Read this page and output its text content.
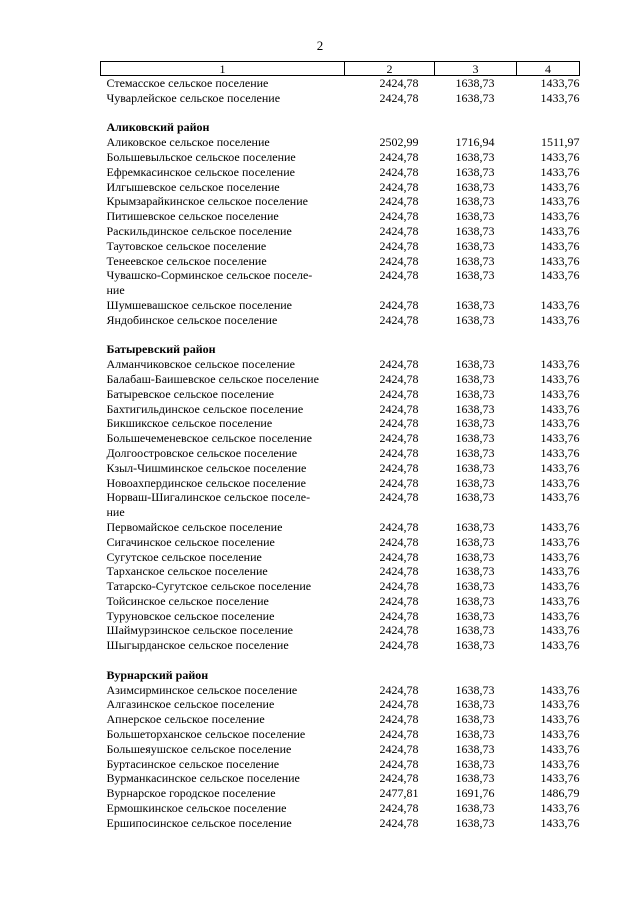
2
1	2	3	4
Стемасское сельское поселение	2424,78	1638,73	1433,76
Чуварлейское сельское поселение	2424,78	1638,73	1433,76

Аликовский район			
Аликовское сельское поселение	2502,99	1716,94	1511,97
Большевыльское сельское поселение	2424,78	1638,73	1433,76
Ефремкасинское сельское поселение	2424,78	1638,73	1433,76
Илгышевское сельское поселение	2424,78	1638,73	1433,76
Крымзарайкинское сельское поселение	2424,78	1638,73	1433,76
Питишевское сельское поселение	2424,78	1638,73	1433,76
Раскильдинское сельское поселение	2424,78	1638,73	1433,76
Таутовское сельское поселение	2424,78	1638,73	1433,76
Тенеевское сельское поселение	2424,78	1638,73	1433,76
Чувашско-Сорминское сельское поселе-
ние	2424,78	1638,73	1433,76
Шумшевашское сельское поселение	2424,78	1638,73	1433,76
Яндобинское сельское поселение	2424,78	1638,73	1433,76

Батыревский район			
Алманчиковское сельское поселение	2424,78	1638,73	1433,76
Балабаш-Баишевское сельское поселение	2424,78	1638,73	1433,76
Батыревское сельское поселение	2424,78	1638,73	1433,76
Бахтигильдинское сельское поселение	2424,78	1638,73	1433,76
Бикшикское сельское поселение	2424,78	1638,73	1433,76
Большечеменевское сельское поселение	2424,78	1638,73	1433,76
Долгоостровское сельское поселение	2424,78	1638,73	1433,76
Кзыл-Чишминское сельское поселение	2424,78	1638,73	1433,76
Новоахпердинское сельское поселение	2424,78	1638,73	1433,76
Норваш-Шигалинское сельское поселе-
ние	2424,78	1638,73	1433,76
Первомайское сельское поселение	2424,78	1638,73	1433,76
Сигачинское сельское поселение	2424,78	1638,73	1433,76
Сугутское сельское поселение	2424,78	1638,73	1433,76
Тарханское сельское поселение	2424,78	1638,73	1433,76
Татарско-Сугутское сельское поселение	2424,78	1638,73	1433,76
Тойсинское сельское поселение	2424,78	1638,73	1433,76
Туруновское сельское поселение	2424,78	1638,73	1433,76
Шаймурзинское сельское поселение	2424,78	1638,73	1433,76
Шыгырданское сельское поселение	2424,78	1638,73	1433,76

Вурнарский район			
Азимсирминское сельское поселение	2424,78	1638,73	1433,76
Алгазинское сельское поселение	2424,78	1638,73	1433,76
Апнерское сельское поселение	2424,78	1638,73	1433,76
Большеторханское сельское поселение	2424,78	1638,73	1433,76
Большеяушское сельское поселение	2424,78	1638,73	1433,76
Буртасинское сельское поселение	2424,78	1638,73	1433,76
Вурманкасинское сельское поселение	2424,78	1638,73	1433,76
Вурнарское городское поселение	2477,81	1691,76	1486,79
Ермошкинское сельское поселение	2424,78	1638,73	1433,76
Ершипосинское сельское поселение	2424,78	1638,73	1433,76
